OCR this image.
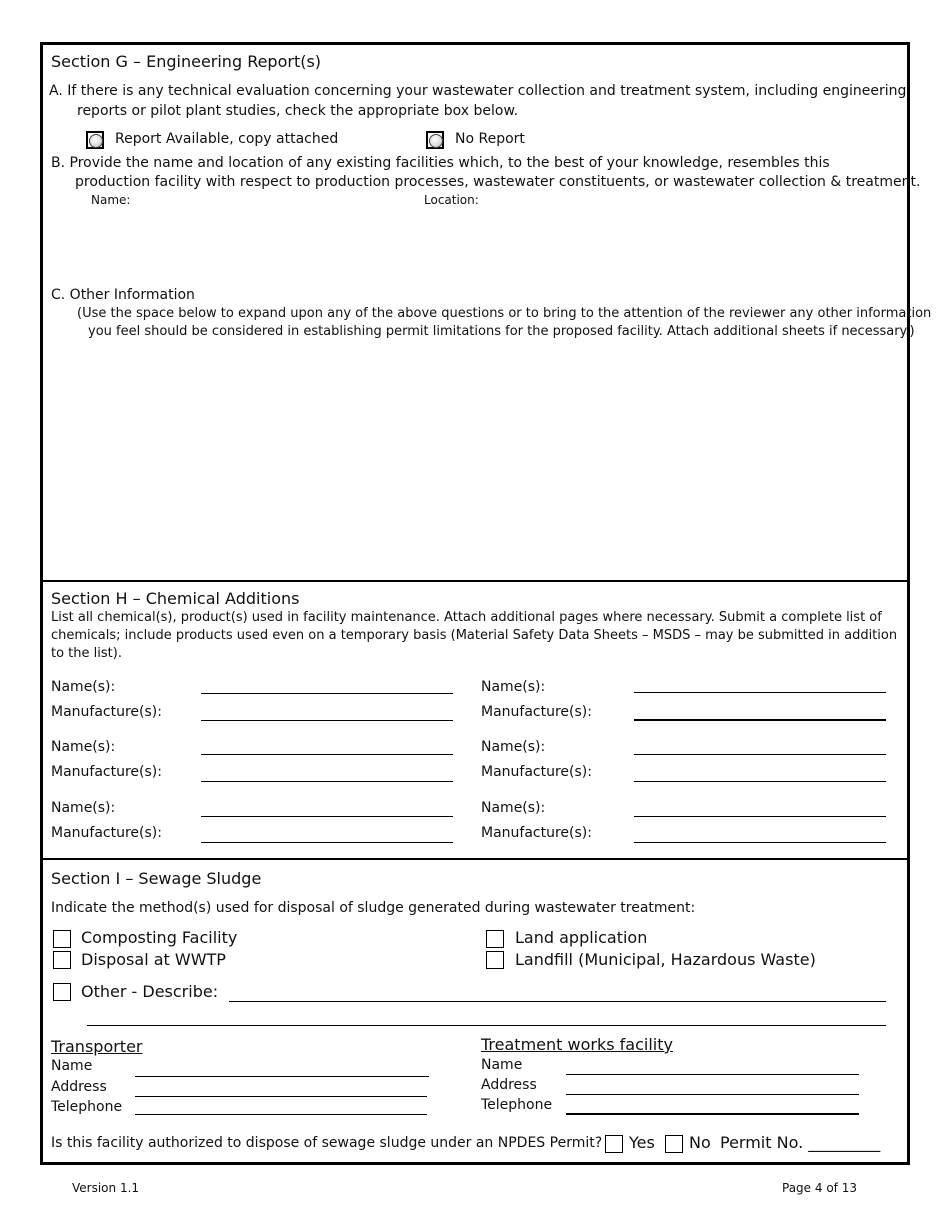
Section G – Engineering Report(s)
A. If there is any technical evaluation concerning your wastewater collection and treatment system, including engineering
reports or pilot plant studies, check the appropriate box below.
Report Available, copy attached	No Report
B. Provide the name and location of any existing facilities which, to the best of your knowledge, resembles this
production facility with respect to production processes, wastewater constituents, or wastewater collection & treatment.
Name:	Location:
C. Other Information
(Use the space below to expand upon any of the above questions or to bring to the attention of the reviewer any other information
you feel should be considered in establishing permit limitations for the proposed facility. Attach additional sheets if necessary.)
Section H – Chemical Additions
List all chemical(s), product(s) used in facility maintenance. Attach additional pages where necessary. Submit a complete list of
chemicals; include products used even on a temporary basis (Material Safety Data Sheets – MSDS – may be submitted in addition
to the list).
Name(s):
Manufacture(s):
Name(s):
Manufacture(s):
Name(s):
Manufacture(s):
Name(s):
Manufacture(s):
Name(s):
Manufacture(s):
Name(s):
Manufacture(s):
Section I – Sewage Sludge
Indicate the method(s) used for disposal of sludge generated during wastewater treatment:
Composting Facility
Disposal at WWTP
Land application
Landfill (Municipal, Hazardous Waste)
Other - Describe:
Transporter
Name
Address
Telephone
Treatment works facility
Name
Address
Telephone
Is this facility authorized to dispose of sewage sludge under an NPDES Permit? Yes No Permit No. _________
Version 1.1	Page 4 of 13
